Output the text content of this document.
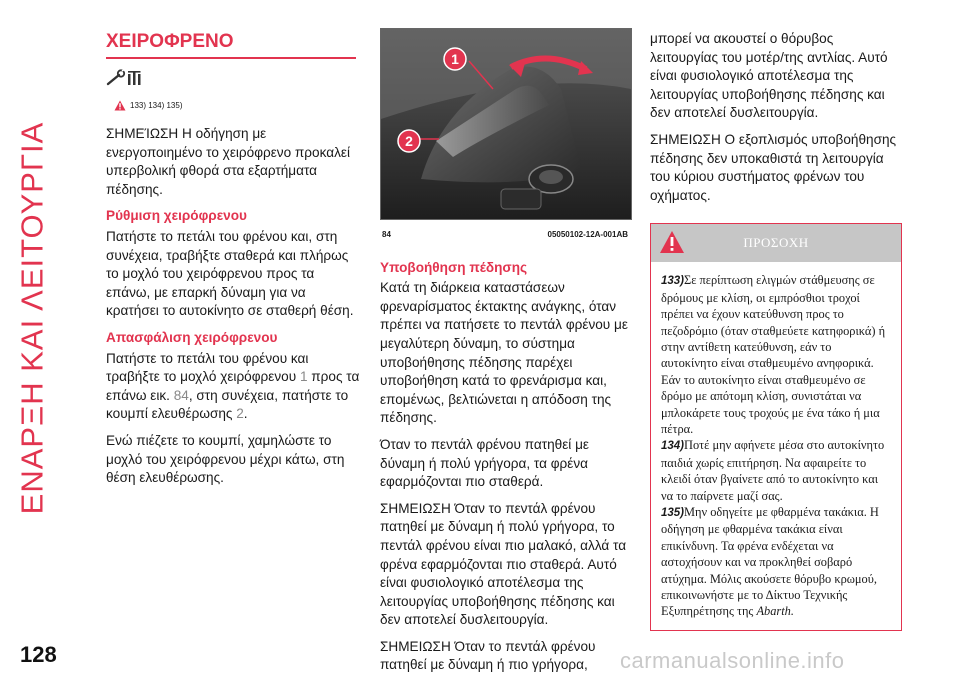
ΕΝΑΡΞΗ ΚΑΙ ΛΕΙΤΟΥΡΓΙΑ
ΧΕΙΡΟΦΡΕΝΟ
133) 134) 135)

ΣΗΜΕΊΩΣΗ Η οδήγηση με ενεργοποιημένο το χειρόφρενο προκαλεί υπερβολική φθορά στα εξαρτήματα πέδησης.

Ρύθμιση χειρόφρενου

Πατήστε το πετάλι του φρένου και, στη συνέχεια, τραβήξτε σταθερά και πλήρως το μοχλό του χειρόφρενου προς τα επάνω, με επαρκή δύναμη για να κρατήσει το αυτοκίνητο σε σταθερή θέση.

Απασφάλιση χειρόφρενου

Πατήστε το πετάλι του φρένου και τραβήξτε το μοχλό χειρόφρενου 1 προς τα επάνω εικ. 84, στη συνέχεια, πατήστε το κουμπί ελευθέρωσης 2.

Ενώ πιέζετε το κουμπί, χαμηλώστε το μοχλό του χειρόφρενου μέχρι κάτω, στη θέση ελευθέρωσης.

1
2
84	05050102-12A-001AB
Υποβοήθηση πέδησης

Κατά τη διάρκεια καταστάσεων φρεναρίσματος έκτακτης ανάγκης, όταν πρέπει να πατήσετε το πεντάλ φρένου με μεγαλύτερη δύναμη, το σύστημα υποβοήθησης πέδησης παρέχει υποβοήθηση κατά το φρενάρισμα και, επομένως, βελτιώνεται η απόδοση της πέδησης.

Όταν το πεντάλ φρένου πατηθεί με δύναμη ή πολύ γρήγορα, τα φρένα εφαρμόζονται πιο σταθερά.

ΣΗΜΕΙΩΣΗ Όταν το πεντάλ φρένου πατηθεί με δύναμη ή πολύ γρήγορα, το πεντάλ φρένου είναι πιο μαλακό, αλλά τα φρένα εφαρμόζονται πιο σταθερά. Αυτό είναι φυσιολογικό αποτέλεσμα της λειτουργίας υποβοήθησης πέδησης και δεν αποτελεί δυσλειτουργία.

ΣΗΜΕΙΩΣΗ Όταν το πεντάλ φρένου πατηθεί με δύναμη ή πιο γρήγορα,

μπορεί να ακουστεί ο θόρυβος λειτουργίας του μοτέρ/της αντλίας. Αυτό είναι φυσιολογικό αποτέλεσμα της λειτουργίας υποβοήθησης πέδησης και δεν αποτελεί δυσλειτουργία.

ΣΗΜΕΙΩΣΗ Ο εξοπλισμός υποβοήθησης πέδησης δεν υποκαθιστά τη λειτουργία του κύριου συστήματος φρένων του οχήματος.

ΠΡΟΣΟΧΗ

133)Σε περίπτωση ελιγμών στάθμευσης σε δρόμους με κλίση, οι εμπρόσθιοι τροχοί πρέπει να έχουν κατεύθυνση προς το πεζοδρόμιο (όταν σταθμεύετε κατηφορικά) ή στην αντίθετη κατεύθυνση, εάν το αυτοκίνητο είναι σταθμευμένο ανηφορικά. Εάν το αυτοκίνητο είναι σταθμευμένο σε δρόμο με απότομη κλίση, συνιστάται να μπλοκάρετε τους τροχούς με ένα τάκο ή μια πέτρα.

134)Ποτέ μην αφήνετε μέσα στο αυτοκίνητο παιδιά χωρίς επιτήρηση. Να αφαιρείτε το κλειδί όταν βγαίνετε από το αυτοκίνητο και να το παίρνετε μαζί σας.

135)Μην οδηγείτε με φθαρμένα τακάκια. Η οδήγηση με φθαρμένα τακάκια είναι επικίνδυνη. Τα φρένα ενδέχεται να αστοχήσουν και να προκληθεί σοβαρό ατύχημα. Μόλις ακούσετε θόρυβο κρωμού, επικοινωνήστε με το Δίκτυο Τεχνικής Εξυπηρέτησης της Abarth.

128	carmanualsonline.info
